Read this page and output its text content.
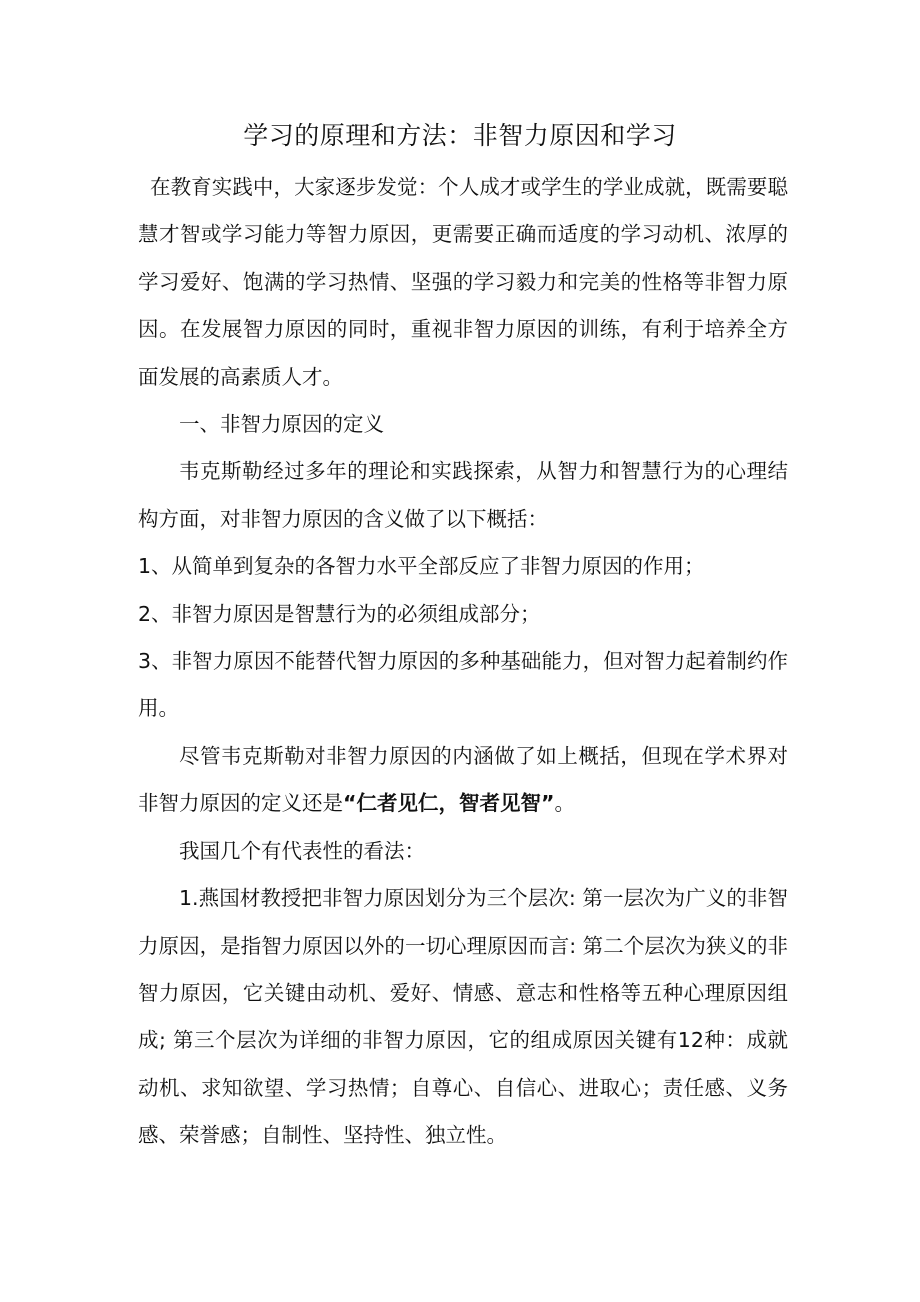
学习的原理和方法：非智力原因和学习

在教育实践中，大家逐步发觉：个人成才或学生的学业成就，既需要聪慧才智或学习能力等智力原因，更需要正确而适度的学习动机、浓厚的学习爱好、饱满的学习热情、坚强的学习毅力和完美的性格等非智力原因。在发展智力原因的同时，重视非智力原因的训练，有利于培养全方面发展的高素质人才。

一、非智力原因的定义

韦克斯勒经过多年的理论和实践探索，从智力和智慧行为的心理结构方面，对非智力原因的含义做了以下概括：

1、从简单到复杂的各智力水平全部反应了非智力原因的作用；

2、非智力原因是智慧行为的必须组成部分；

3、非智力原因不能替代智力原因的多种基础能力，但对智力起着制约作用。

尽管韦克斯勒对非智力原因的内涵做了如上概括，但现在学术界对非智力原因的定义还是“仁者见仁，智者见智”。

我国几个有代表性的看法：

1.燕国材教授把非智力原因划分为三个层次: 第一层次为广义的非智力原因，是指智力原因以外的一切心理原因而言: 第二个层次为狭义的非智力原因，它关键由动机、爱好、情感、意志和性格等五种心理原因组成; 第三个层次为详细的非智力原因，它的组成原因关键有12种：成就动机、求知欲望、学习热情；自尊心、自信心、进取心；责任感、义务感、荣誉感；自制性、坚持性、独立性。
